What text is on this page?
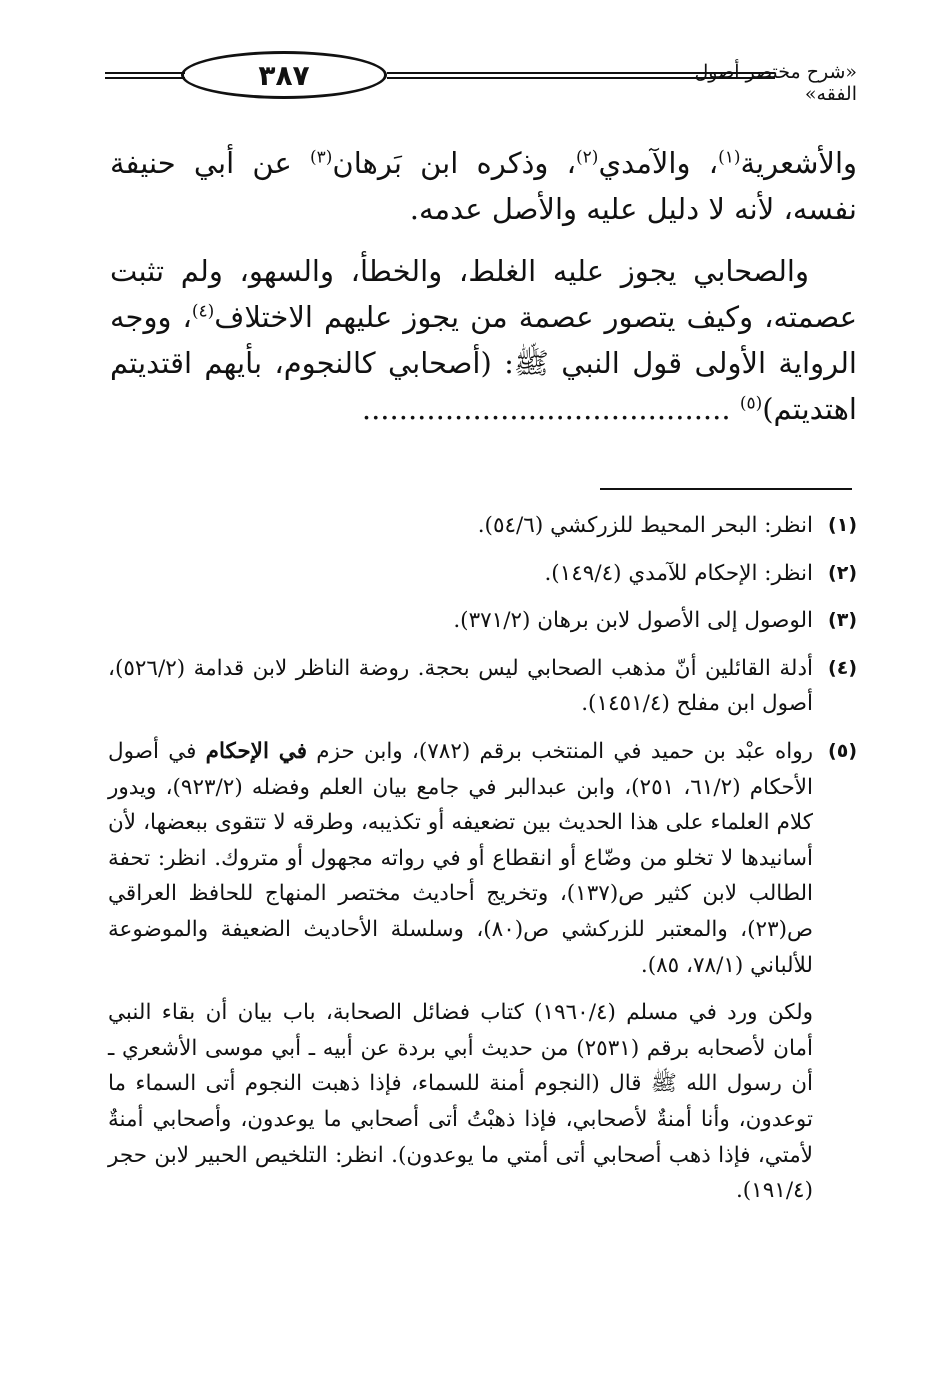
٣٨٧	«شرح مختصر أصول الفقه»

والأشعرية$^{(١)}$، والآمدي$^{(٢)}$، وذكره ابن بَرهان$^{(٣)}$ عن أبي حنيفة نفسه، لأنه لا دليل عليه والأصل عدمه.

والصحابي يجوز عليه الغلط، والخطأ، والسهو، ولم تثبت عصمته، وكيف يتصور عصمة من يجوز عليهم الاختلاف$^{(٤)}$، ووجه الرواية الأولى قول النبي ﷺ: (أصحابي كالنجوم، بأيهم اقتديتم اهتديتم)$^{(٥)}$ ........................................

(١)
انظر: البحر المحيط للزركشي (٥٤/٦).
(٢)
انظر: الإحكام للآمدي (١٤٩/٤).
(٣)
الوصول إلى الأصول لابن برهان (٣٧١/٢).
(٤)
أدلة القائلين أنّ مذهب الصحابي ليس بحجة. روضة الناظر لابن قدامة (٥٢٦/٢)، أصول ابن مفلح (١٤٥١/٤).
(٥)
رواه عبْد بن حميد في المنتخب برقم (٧٨٢)، وابن حزم في الإحكام في أصول الأحكام (٦١/٢، ٢٥١)، وابن عبدالبر في جامع بيان العلم وفضله (٩٢٣/٢)، ويدور كلام العلماء على هذا الحديث بين تضعيفه أو تكذيبه، وطرقه لا تتقوى ببعضها، لأن أسانيدها لا تخلو من وضّاع أو انقطاع أو في رواته مجهول أو متروك. انظر: تحفة الطالب لابن كثير ص(١٣٧)، وتخريج أحاديث مختصر المنهاج للحافظ العراقي ص(٢٣)، والمعتبر للزركشي ص(٨٠)، وسلسلة الأحاديث الضعيفة والموضوعة للألباني (٧٨/١، ٨٥).

ولكن ورد في مسلم (١٩٦٠/٤) كتاب فضائل الصحابة، باب بيان أن بقاء النبي أمان لأصحابه برقم (٢٥٣١) من حديث أبي بردة عن أبيه ـ أبي موسى الأشعري ـ أن رسول الله ﷺ قال (النجوم أمنة للسماء، فإذا ذهبت النجوم أتى السماء ما توعدون، وأنا أمنةٌ لأصحابي، فإذا ذهبْتُ أتى أصحابي ما يوعدون، وأصحابي أمنةٌ لأمتي، فإذا ذهب أصحابي أتى أمتي ما يوعدون). انظر: التلخيص الحبير لابن حجر (١٩١/٤).
